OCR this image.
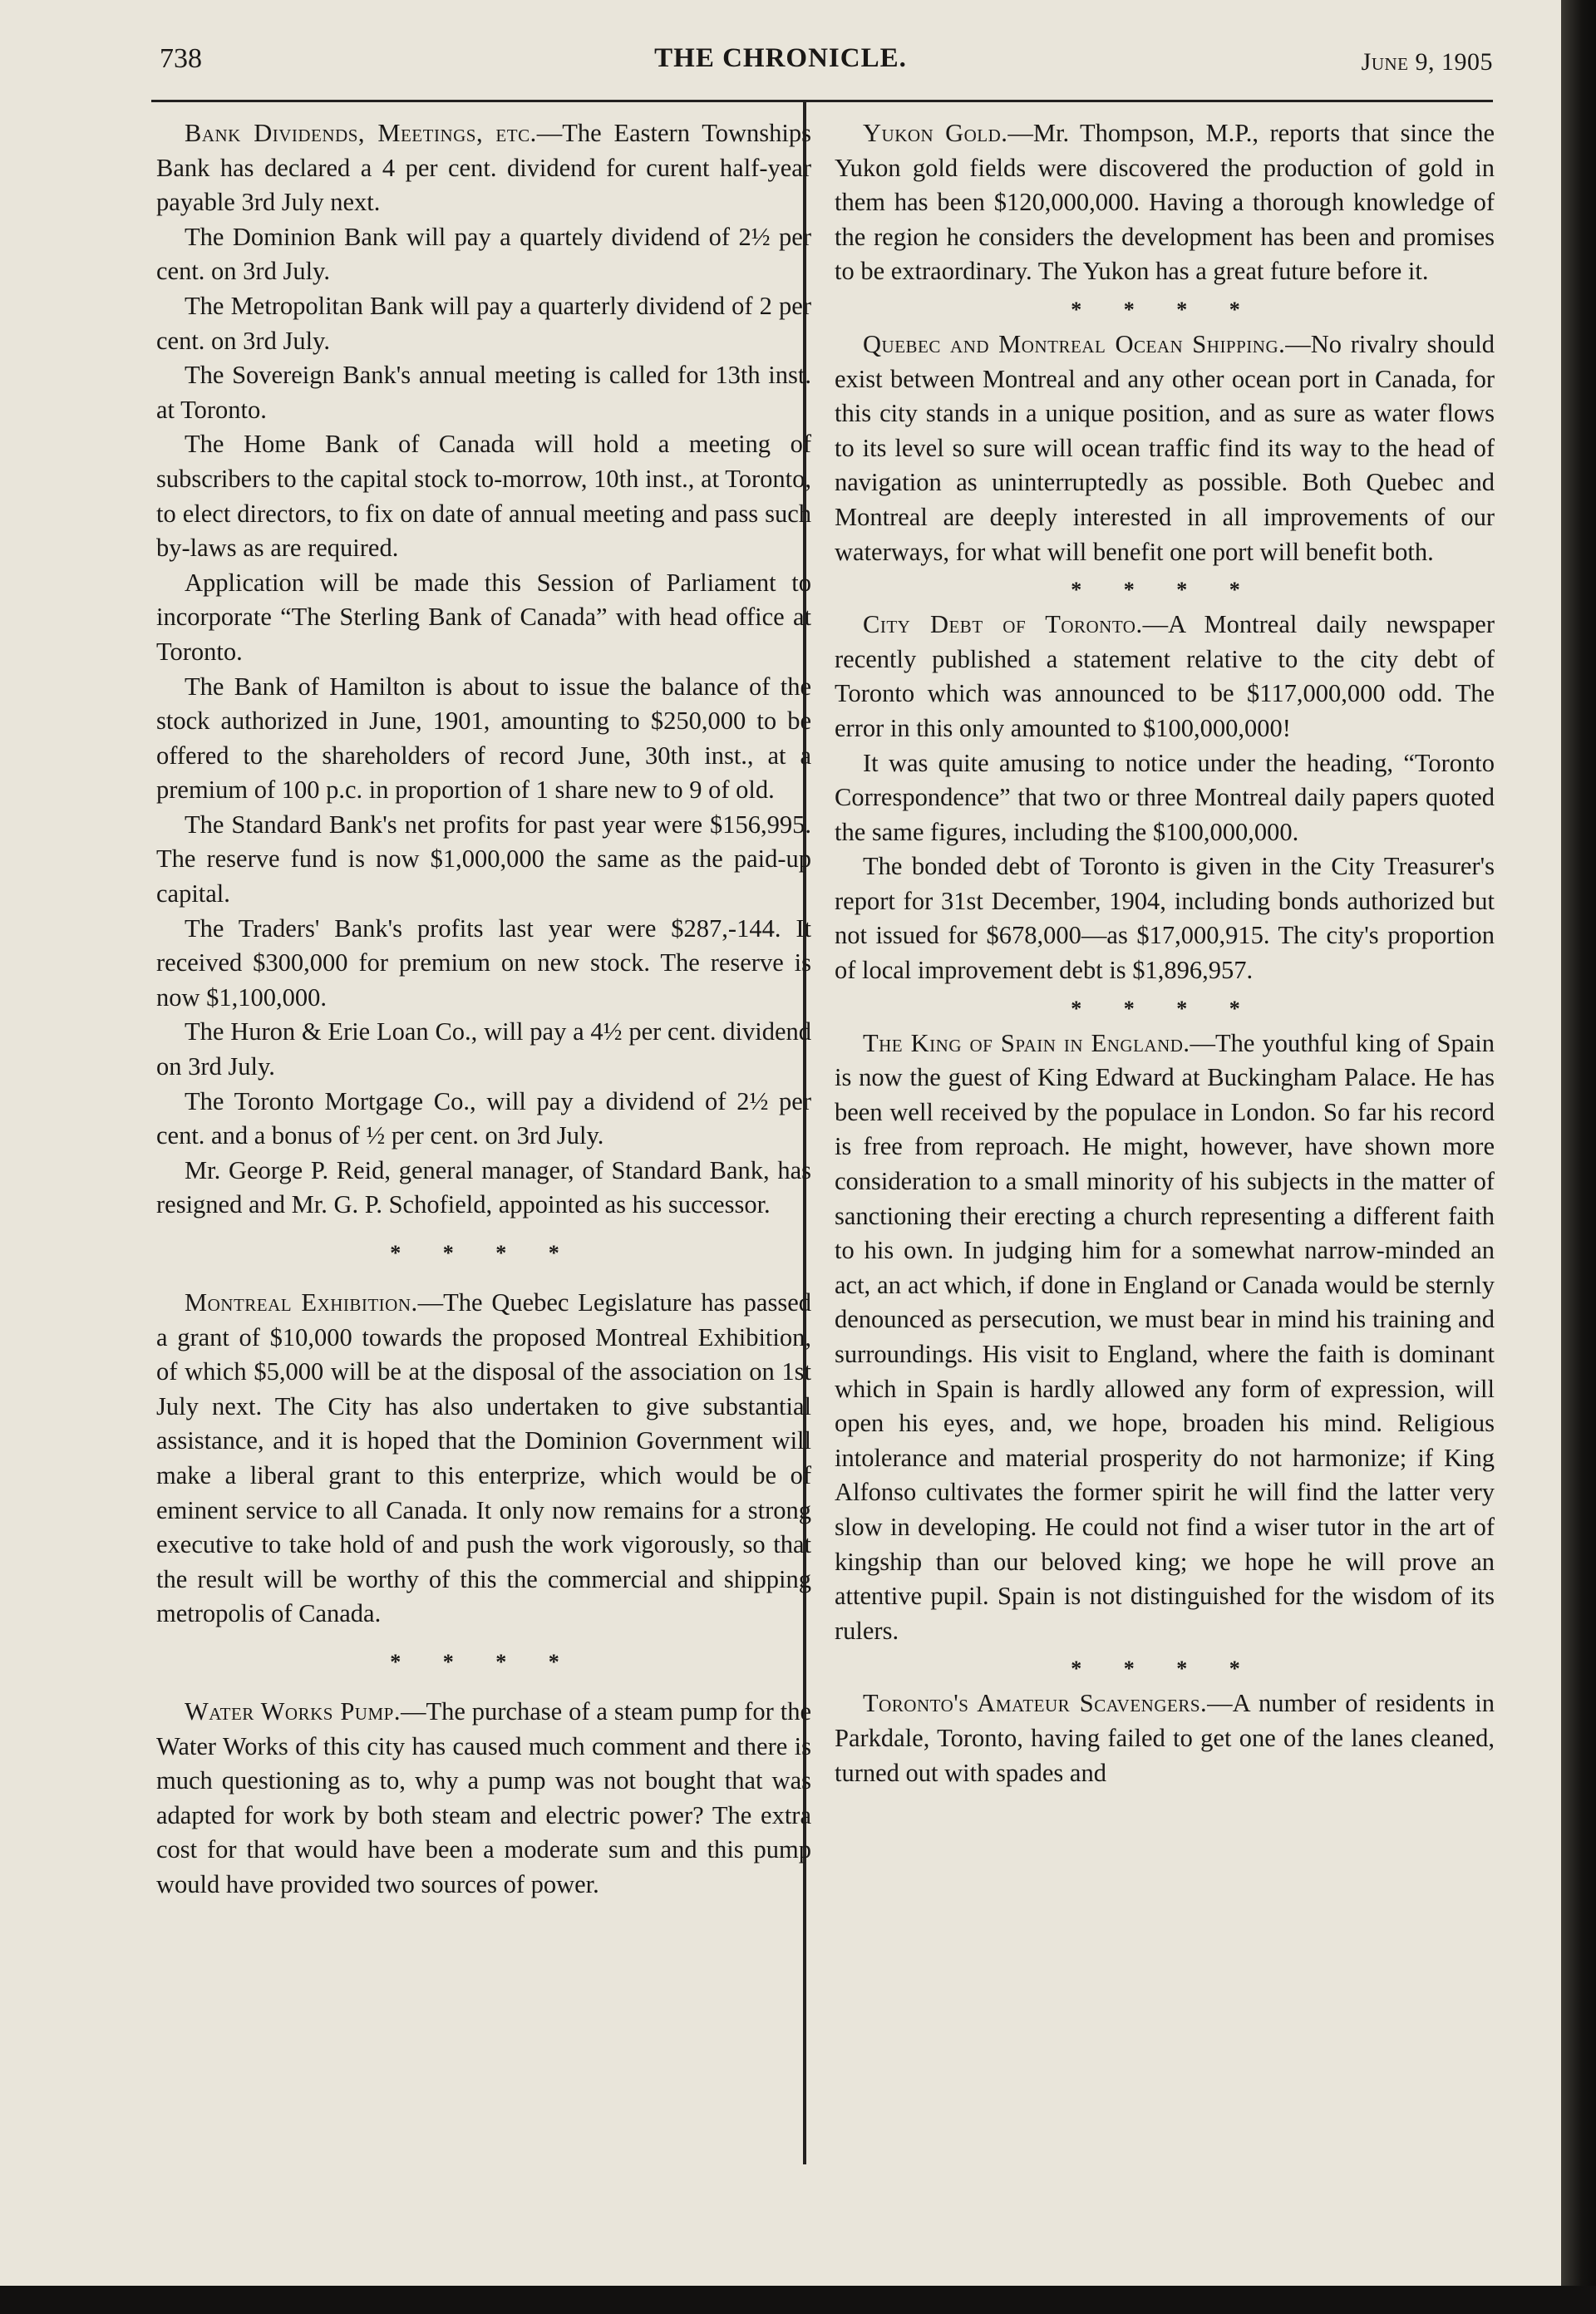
738	THE CHRONICLE.	June 9, 1905

Bank Dividends, Meetings, etc.—The Eastern Townships Bank has declared a 4 per cent. dividend for curent half-year payable 3rd July next.

The Dominion Bank will pay a quartely dividend of 2½ per cent. on 3rd July.

The Metropolitan Bank will pay a quarterly dividend of 2 per cent. on 3rd July.

The Sovereign Bank's annual meeting is called for 13th inst. at Toronto.

The Home Bank of Canada will hold a meeting of subscribers to the capital stock to-morrow, 10th inst., at Toronto, to elect directors, to fix on date of annual meeting and pass such by-laws as are required.

Application will be made this Session of Parliament to incorporate “The Sterling Bank of Canada” with head office at Toronto.

The Bank of Hamilton is about to issue the balance of the stock authorized in June, 1901, amounting to $250,000 to be offered to the shareholders of record June, 30th inst., at a premium of 100 p.c. in proportion of 1 share new to 9 of old.

The Standard Bank's net profits for past year were $156,995. The reserve fund is now $1,000,000 the same as the paid-up capital.

The Traders' Bank's profits last year were $287,-144. It received $300,000 for premium on new stock. The reserve is now $1,100,000.

The Huron & Erie Loan Co., will pay a 4½ per cent. dividend on 3rd July.

The Toronto Mortgage Co., will pay a dividend of 2½ per cent. and a bonus of ½ per cent. on 3rd July.

Mr. George P. Reid, general manager, of Standard Bank, has resigned and Mr. G. P. Schofield, appointed as his successor.

* * * *

Montreal Exhibition.—The Quebec Legislature has passed a grant of $10,000 towards the proposed Montreal Exhibition, of which $5,000 will be at the disposal of the association on 1st July next. The City has also undertaken to give substantial assistance, and it is hoped that the Dominion Government will make a liberal grant to this enterprize, which would be of eminent service to all Canada. It only now remains for a strong executive to take hold of and push the work vigorously, so that the result will be worthy of this the commercial and shipping metropolis of Canada.

* * * *

Water Works Pump.—The purchase of a steam pump for the Water Works of this city has caused much comment and there is much questioning as to, why a pump was not bought that was adapted for work by both steam and electric power? The extra cost for that would have been a moderate sum and this pump would have provided two sources of power.

Yukon Gold.—Mr. Thompson, M.P., reports that since the Yukon gold fields were discovered the production of gold in them has been $120,000,000. Having a thorough knowledge of the region he considers the development has been and promises to be extraordinary. The Yukon has a great future before it.

* * * *

Quebec and Montreal Ocean Shipping.—No rivalry should exist between Montreal and any other ocean port in Canada, for this city stands in a unique position, and as sure as water flows to its level so sure will ocean traffic find its way to the head of navigation as uninterruptedly as possible. Both Quebec and Montreal are deeply interested in all improvements of our waterways, for what will benefit one port will benefit both.

* * * *

City Debt of Toronto.—A Montreal daily newspaper recently published a statement relative to the city debt of Toronto which was announced to be $117,000,000 odd. The error in this only amounted to $100,000,000!

It was quite amusing to notice under the heading, “Toronto Correspondence” that two or three Montreal daily papers quoted the same figures, including the $100,000,000.

The bonded debt of Toronto is given in the City Treasurer's report for 31st December, 1904, including bonds authorized but not issued for $678,000—as $17,000,915. The city's proportion of local improvement debt is $1,896,957.

* * * *

The King of Spain in England.—The youthful king of Spain is now the guest of King Edward at Buckingham Palace. He has been well received by the populace in London. So far his record is free from reproach. He might, however, have shown more consideration to a small minority of his subjects in the matter of sanctioning their erecting a church representing a different faith to his own. In judging him for a somewhat narrow-minded an act, an act which, if done in England or Canada would be sternly denounced as persecution, we must bear in mind his training and surroundings. His visit to England, where the faith is dominant which in Spain is hardly allowed any form of expression, will open his eyes, and, we hope, broaden his mind. Religious intolerance and material prosperity do not harmonize; if King Alfonso cultivates the former spirit he will find the latter very slow in developing. He could not find a wiser tutor in the art of kingship than our beloved king; we hope he will prove an attentive pupil. Spain is not distinguished for the wisdom of its rulers.

* * * *

Toronto's Amateur Scavengers.—A number of residents in Parkdale, Toronto, having failed to get one of the lanes cleaned, turned out with spades and
